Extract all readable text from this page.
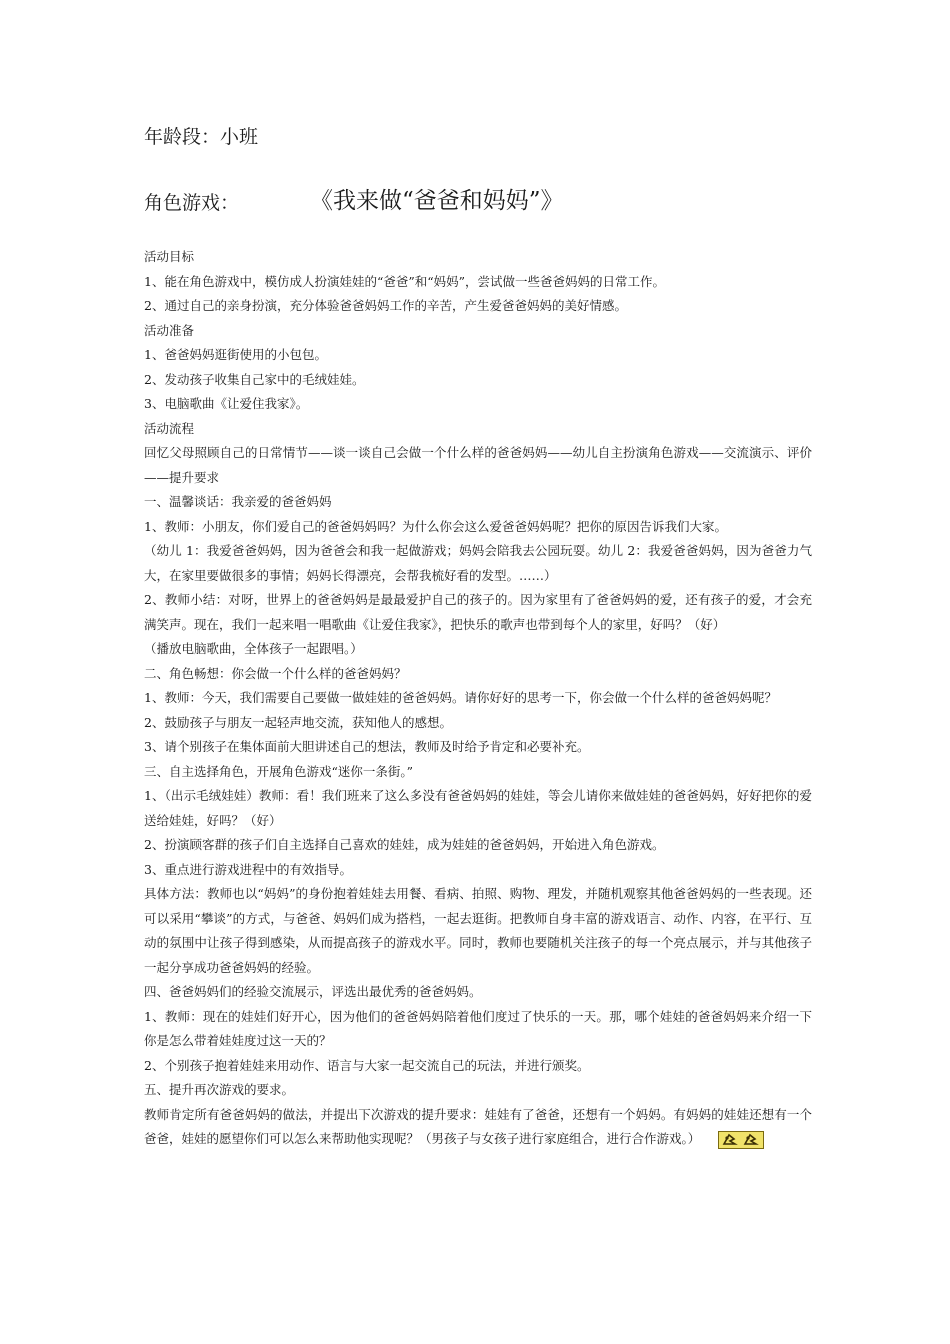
年龄段：小班
角色游戏：	《我来做“爸爸和妈妈”》

活动目标

1、能在角色游戏中，模仿成人扮演娃娃的“爸爸”和“妈妈”，尝试做一些爸爸妈妈的日常工作。

2、通过自己的亲身扮演，充分体验爸爸妈妈工作的辛苦，产生爱爸爸妈妈的美好情感。

活动准备

1、爸爸妈妈逛街使用的小包包。

2、发动孩子收集自己家中的毛绒娃娃。

3、电脑歌曲《让爱住我家》。

活动流程

回忆父母照顾自己的日常情节——谈一谈自己会做一个什么样的爸爸妈妈——幼儿自主扮演角色游戏——交流演示、评价——提升要求

一、温馨谈话：我亲爱的爸爸妈妈

1、教师：小朋友，你们爱自己的爸爸妈妈吗？为什么你会这么爱爸爸妈妈呢？把你的原因告诉我们大家。

（幼儿 1：我爱爸爸妈妈，因为爸爸会和我一起做游戏；妈妈会陪我去公园玩耍。幼儿 2：我爱爸爸妈妈，因为爸爸力气大，在家里要做很多的事情；妈妈长得漂亮，会帮我梳好看的发型。……）

2、教师小结：对呀，世界上的爸爸妈妈是最最爱护自己的孩子的。因为家里有了爸爸妈妈的爱，还有孩子的爱，才会充满笑声。现在，我们一起来唱一唱歌曲《让爱住我家》，把快乐的歌声也带到每个人的家里，好吗？（好）

（播放电脑歌曲，全体孩子一起跟唱。）

二、角色畅想：你会做一个什么样的爸爸妈妈？

1、教师：今天，我们需要自己要做一做娃娃的爸爸妈妈。请你好好的思考一下，你会做一个什么样的爸爸妈妈呢？

2、鼓励孩子与朋友一起轻声地交流，获知他人的感想。

3、请个别孩子在集体面前大胆讲述自己的想法，教师及时给予肯定和必要补充。

三、自主选择角色，开展角色游戏“迷你一条街。”

1、（出示毛绒娃娃）教师：看！我们班来了这么多没有爸爸妈妈的娃娃，等会儿请你来做娃娃的爸爸妈妈，好好把你的爱送给娃娃，好吗？（好）

2、扮演顾客群的孩子们自主选择自己喜欢的娃娃，成为娃娃的爸爸妈妈，开始进入角色游戏。

3、重点进行游戏进程中的有效指导。

具体方法：教师也以“妈妈”的身份抱着娃娃去用餐、看病、拍照、购物、理发，并随机观察其他爸爸妈妈的一些表现。还可以采用“攀谈”的方式，与爸爸、妈妈们成为搭档，一起去逛街。把教师自身丰富的游戏语言、动作、内容，在平行、互动的氛围中让孩子得到感染，从而提高孩子的游戏水平。同时，教师也要随机关注孩子的每一个亮点展示，并与其他孩子一起分享成功爸爸妈妈的经验。

四、爸爸妈妈们的经验交流展示，评选出最优秀的爸爸妈妈。

1、教师：现在的娃娃们好开心，因为他们的爸爸妈妈陪着他们度过了快乐的一天。那，哪个娃娃的爸爸妈妈来介绍一下你是怎么带着娃娃度过这一天的？

2、个别孩子抱着娃娃来用动作、语言与大家一起交流自己的玩法，并进行颁奖。

五、提升再次游戏的要求。

教师肯定所有爸爸妈妈的做法，并提出下次游戏的提升要求：娃娃有了爸爸，还想有一个妈妈。有妈妈的娃娃还想有一个爸爸，娃娃的愿望你们可以怎么来帮助他实现呢？（男孩子与女孩子进行家庭组合，进行合作游戏。）
